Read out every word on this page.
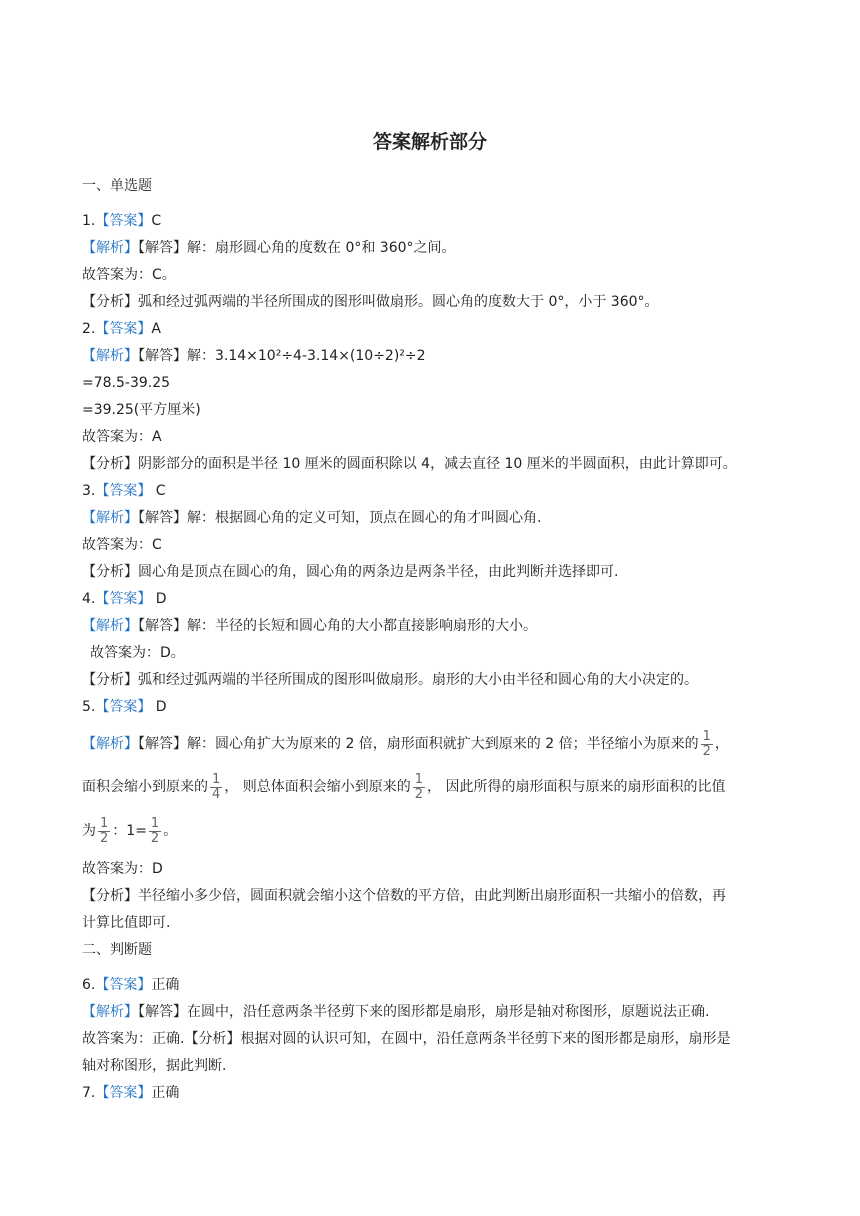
答案解析部分
一、单选题
1.【答案】C
【解析】【解答】解：扇形圆心角的度数在 0°和 360°之间。
故答案为：C。
【分析】弧和经过弧两端的半径所围成的图形叫做扇形。圆心角的度数大于 0°，小于 360°。
2.【答案】A
【解析】【解答】解：3.14×10²÷4-3.14×(10÷2)²÷2
=78.5-39.25
=39.25(平方厘米)
故答案为：A
【分析】阴影部分的面积是半径 10 厘米的圆面积除以 4，减去直径 10 厘米的半圆面积，由此计算即可。
3.【答案】 C
【解析】【解答】解：根据圆心角的定义可知，顶点在圆心的角才叫圆心角.
故答案为：C
【分析】圆心角是顶点在圆心的角，圆心角的两条边是两条半径，由此判断并选择即可.
4.【答案】 D
【解析】【解答】解：半径的长短和圆心角的大小都直接影响扇形的大小。
故答案为：D。
【分析】弧和经过弧两端的半径所围成的图形叫做扇形。扇形的大小由半径和圆心角的大小决定的。
5.【答案】 D
【解析】【解答】解：圆心角扩大为原来的 2 倍，扇形面积就扩大到原来的 2 倍；半径缩小为原来的 $\frac{1}{2}$ ，
面积会缩小到原来的 $\frac{1}{4}$ ， 则总体面积会缩小到原来的 $\frac{1}{2}$ ， 因此所得的扇形面积与原来的扇形面积的比值
为 $\frac{1}{2}$ ：$1= \frac{1}{2}$ 。
故答案为：D
【分析】半径缩小多少倍，圆面积就会缩小这个倍数的平方倍，由此判断出扇形面积一共缩小的倍数，再
计算比值即可.
二、判断题
6.【答案】正确
【解析】【解答】在圆中，沿任意两条半径剪下来的图形都是扇形，扇形是轴对称图形，原题说法正确.
故答案为：正确.【分析】根据对圆的认识可知，在圆中，沿任意两条半径剪下来的图形都是扇形，扇形是
轴对称图形，据此判断.
7.【答案】正确
